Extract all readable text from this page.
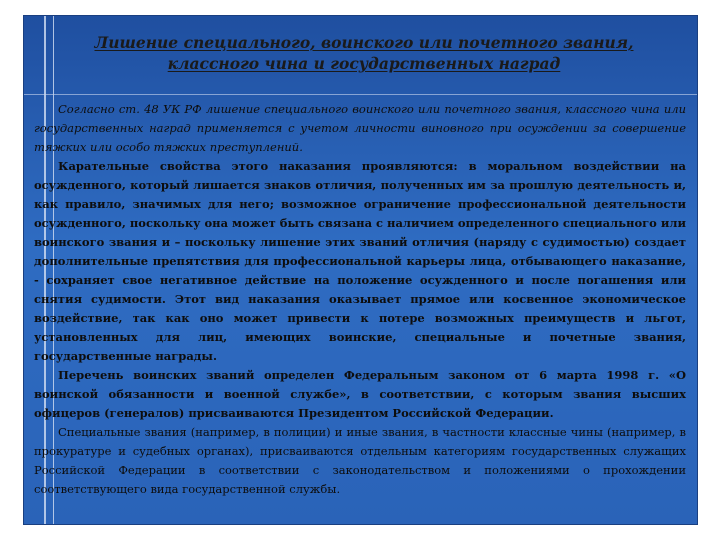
Лишение специального, воинского или почетного звания, классного чина и государственных наград

Согласно ст. 48 УК РФ лишение специального воинского или почетного звания, классного чина или государственных наград применяется с учетом личности виновного при осуждении за совершение тяжких или особо тяжких преступлений.

Карательные свойства этого наказания проявляются: в моральном воздействии на осужденного, который лишается знаков отличия, полученных им за прошлую деятельность и, как правило, значимых для него; возможное ограничение профессиональной деятельности осужденного, поскольку она может быть связана с наличием определенного специального или воинского звания и – поскольку лишение этих званий отличия (наряду с судимостью) создает дополнительные препятствия для профессиональной карьеры лица, отбывающего наказание, - сохраняет свое негативное действие на положение осужденного и после погашения или снятия судимости. Этот вид наказания оказывает прямое или косвенное экономическое воздействие, так как оно может привести к потере возможных преимуществ и льгот, установленных для лиц, имеющих воинские, специальные и почетные звания, государственные награды.

Перечень воинских званий определен Федеральным законом от 6 марта 1998 г. «О воинской обязанности и военной службе», в соответствии, с которым звания высших офицеров (генералов) присваиваются Президентом Российской Федерации.

Специальные звания (например, в полиции) и иные звания, в частности классные чины (например, в прокуратуре и судебных органах), присваиваются отдельным категориям государственных служащих Российской Федерации в соответствии с законодательством и положениями о прохождении соответствующего вида государственной службы.
